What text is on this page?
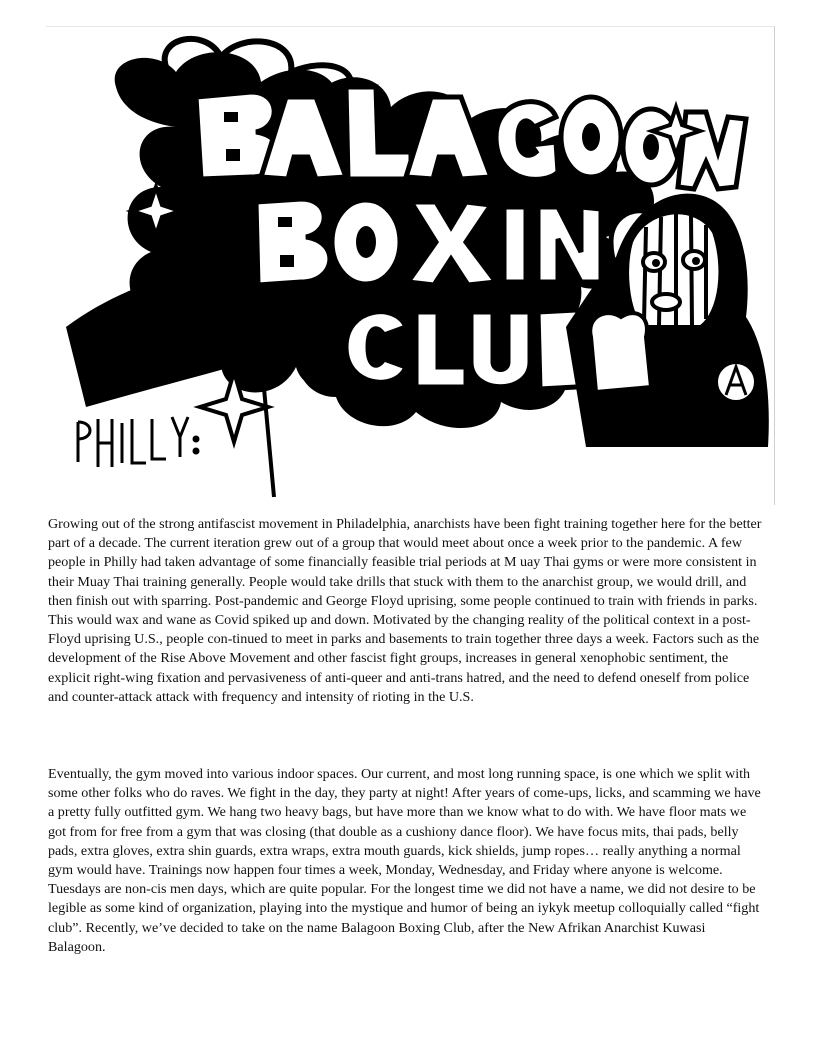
Growing out of the strong antifascist movement in Philadelphia, anarchists have been fight training together here for the better part of a decade. The current iteration grew out of a group that would meet about once a week prior to the pandemic. A few people in Philly had taken advantage of some financially feasible trial periods at M uay Thai gyms or were more consistent in their Muay Thai training generally. People would take drills that stuck with them to the anarchist group, we would drill, and then finish out with sparring. Post-pandemic and George Floyd uprising, some people continued to train with friends in parks. This would wax and wane as Covid spiked up and down. Motivated by the changing reality of the political context in a post-Floyd uprising U.S., people con-tinued to meet in parks and basements to train together three days a week. Factors such as the development of the Rise Above Movement and other fascist fight groups, increases in general xenophobic sentiment, the explicit right-wing fixation and pervasiveness of anti-queer and anti-trans hatred, and the need to defend oneself from police and counter-attack attack with frequency and intensity of rioting in the U.S.

Eventually, the gym moved into various indoor spaces. Our current, and most long running space, is one which we split with some other folks who do raves. We fight in the day, they party at night! After years of come-ups, licks, and scamming we have a pretty fully outfitted gym. We hang two heavy bags, but have more than we know what to do with. We have floor mats we got from for free from a gym that was closing (that double as a cushiony dance floor). We have focus mits, thai pads, belly pads, extra gloves, extra shin guards, extra wraps, extra mouth guards, kick shields, jump ropes… really anything a normal gym would have. Trainings now happen four times a week, Monday, Wednesday, and Friday where anyone is welcome. Tuesdays are non-cis men days, which are quite popular. For the longest time we did not have a name, we did not desire to be legible as some kind of organization, playing into the mystique and humor of being an iykyk meetup colloquially called “fight club”. Recently, we’ve decided to take on the name Balagoon Boxing Club, after the New Afrikan Anarchist Kuwasi Balagoon.
